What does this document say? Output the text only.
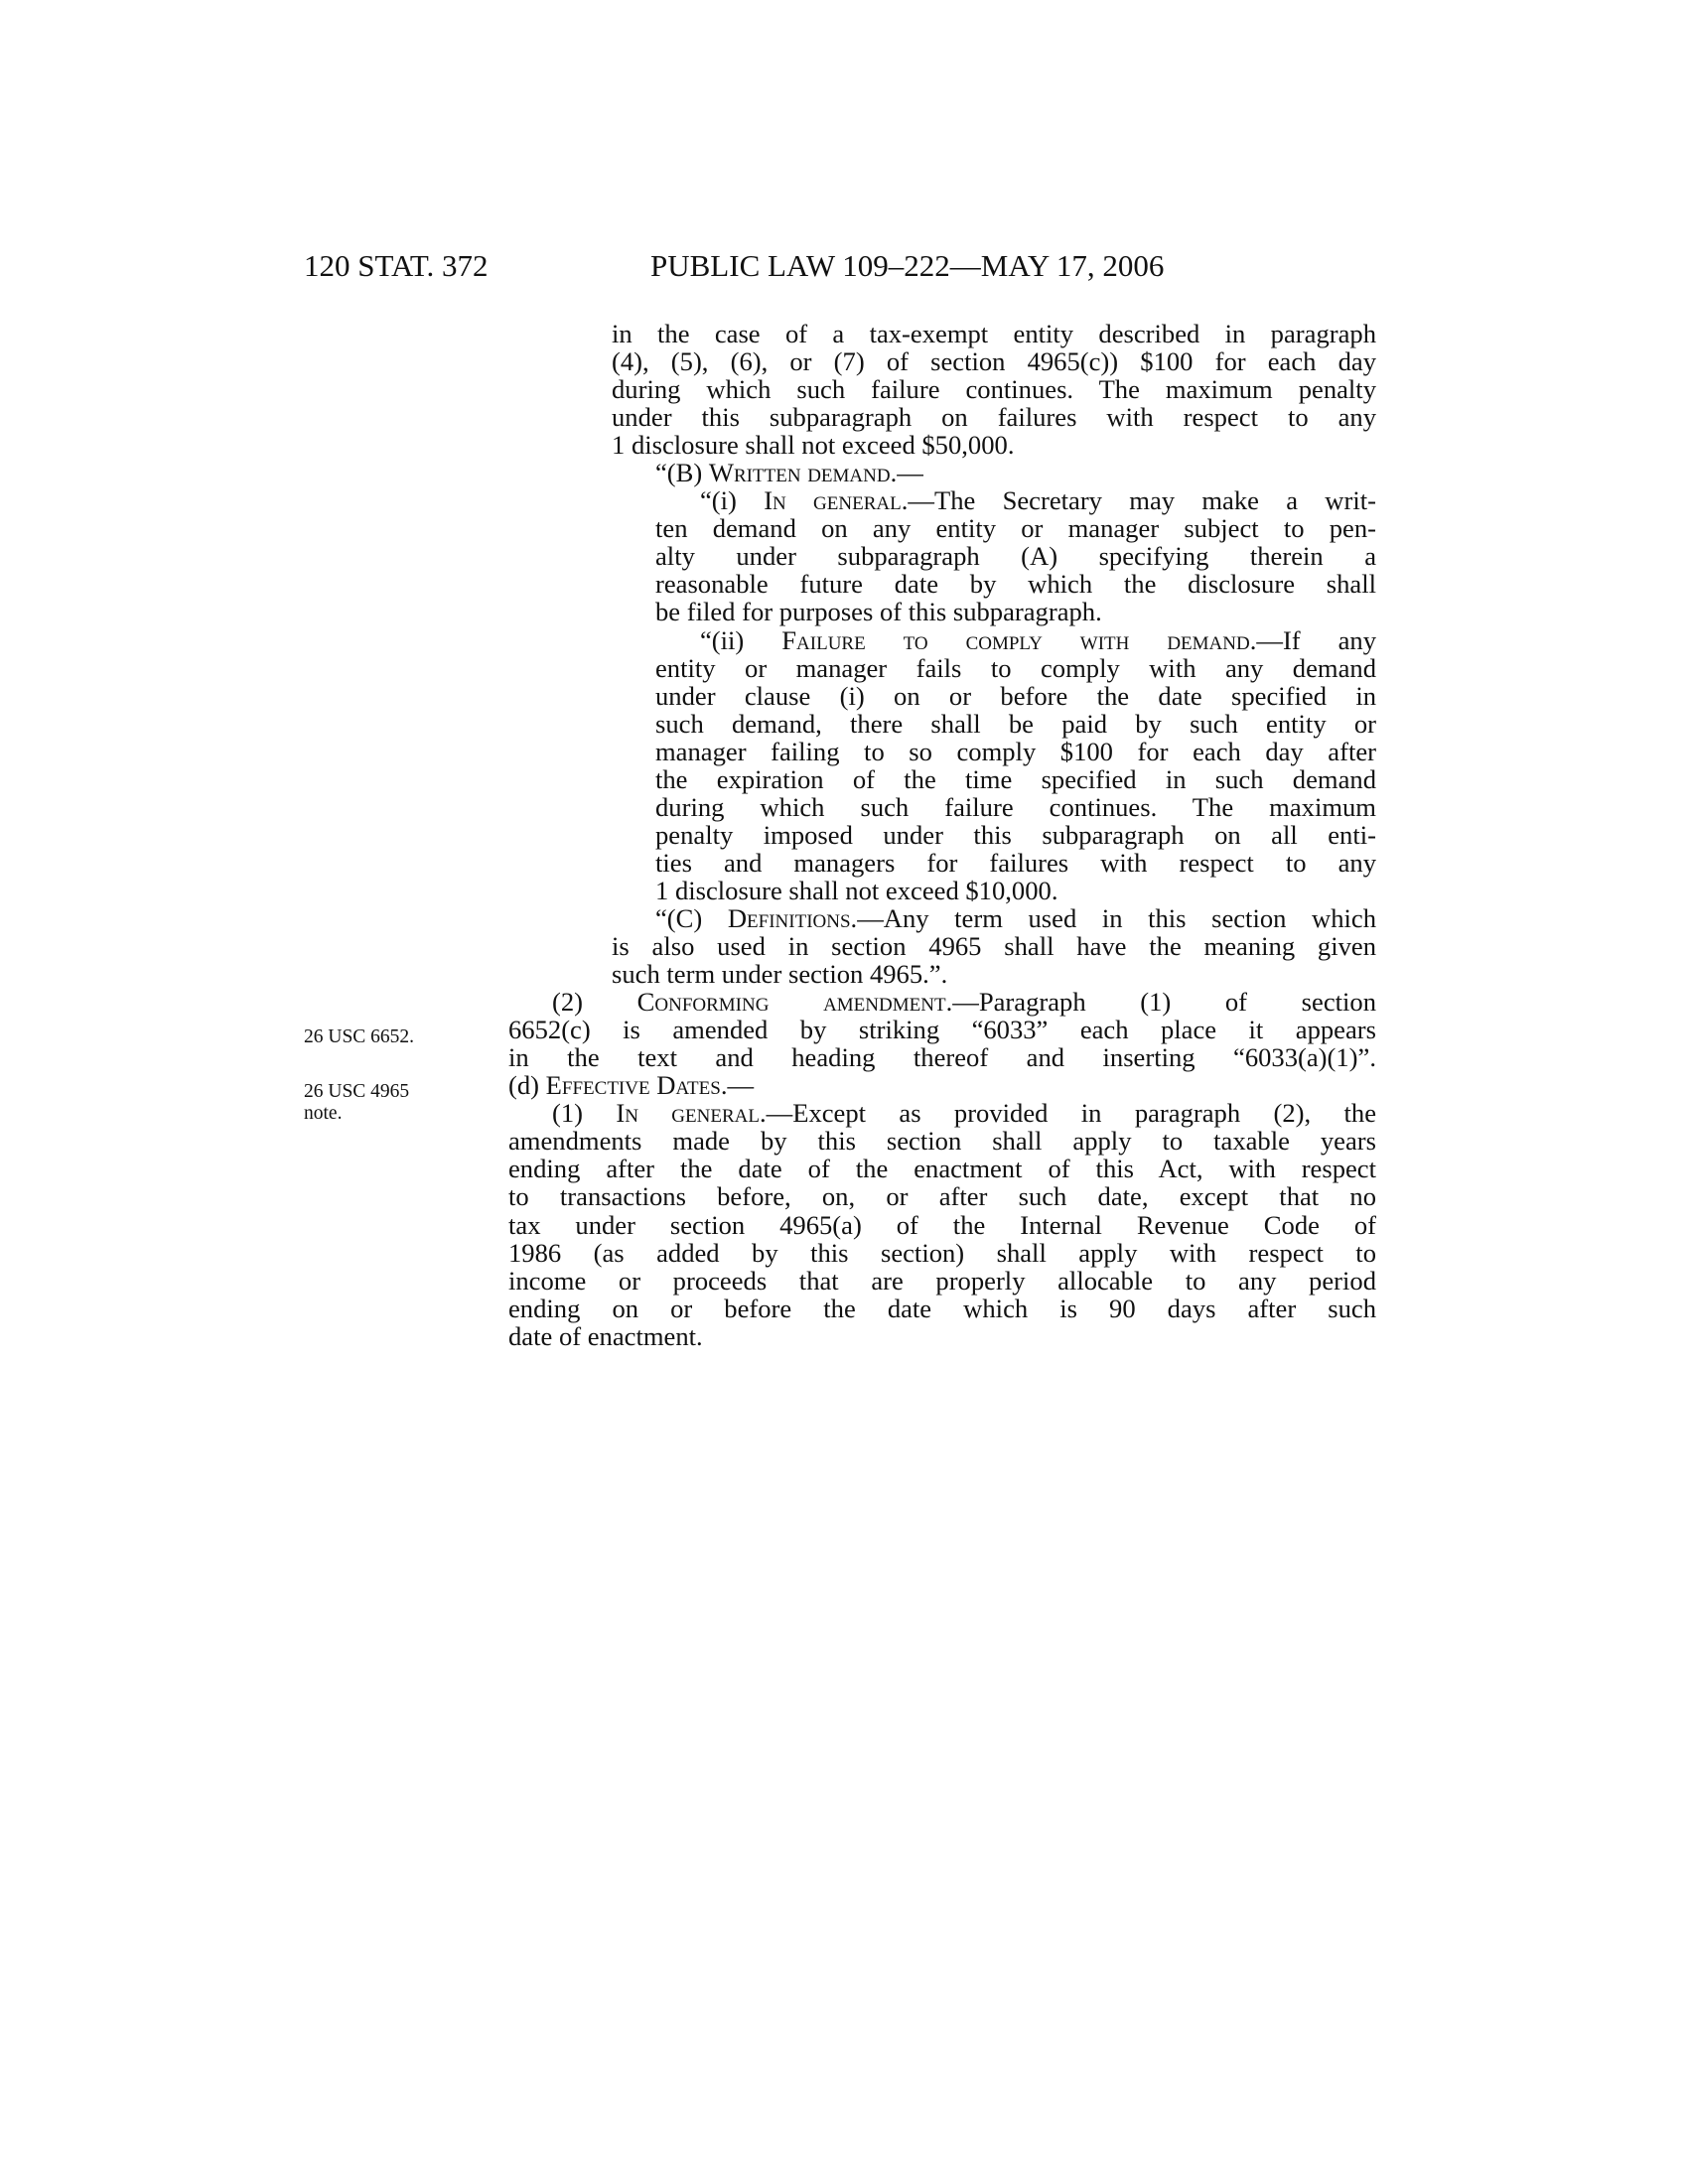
120 STAT. 372	PUBLIC LAW 109–222—MAY 17, 2006
26 USC 6652.
26 USC 4965
note.
in the case of a tax-exempt entity described in paragraph
(4), (5), (6), or (7) of section 4965(c)) $100 for each day
during which such failure continues. The maximum penalty
under this subparagraph on failures with respect to any
1 disclosure shall not exceed $50,000.
“(B) Written demand.—
“(i) In general.—The Secretary may make a writ-
ten demand on any entity or manager subject to pen-
alty under subparagraph (A) specifying therein a
reasonable future date by which the disclosure shall
be filed for purposes of this subparagraph.
“(ii) Failure to comply with demand.—If any
entity or manager fails to comply with any demand
under clause (i) on or before the date specified in
such demand, there shall be paid by such entity or
manager failing to so comply $100 for each day after
the expiration of the time specified in such demand
during which such failure continues. The maximum
penalty imposed under this subparagraph on all enti-
ties and managers for failures with respect to any
1 disclosure shall not exceed $10,000.
“(C) Definitions.—Any term used in this section which
is also used in section 4965 shall have the meaning given
such term under section 4965.”.
(2) Conforming amendment.—Paragraph (1) of section
6652(c) is amended by striking “6033” each place it appears
in the text and heading thereof and inserting “6033(a)(1)”.
(d) Effective Dates.—
(1) In general.—Except as provided in paragraph (2), the
amendments made by this section shall apply to taxable years
ending after the date of the enactment of this Act, with respect
to transactions before, on, or after such date, except that no
tax under section 4965(a) of the Internal Revenue Code of
1986 (as added by this section) shall apply with respect to
income or proceeds that are properly allocable to any period
ending on or before the date which is 90 days after such
date of enactment.
